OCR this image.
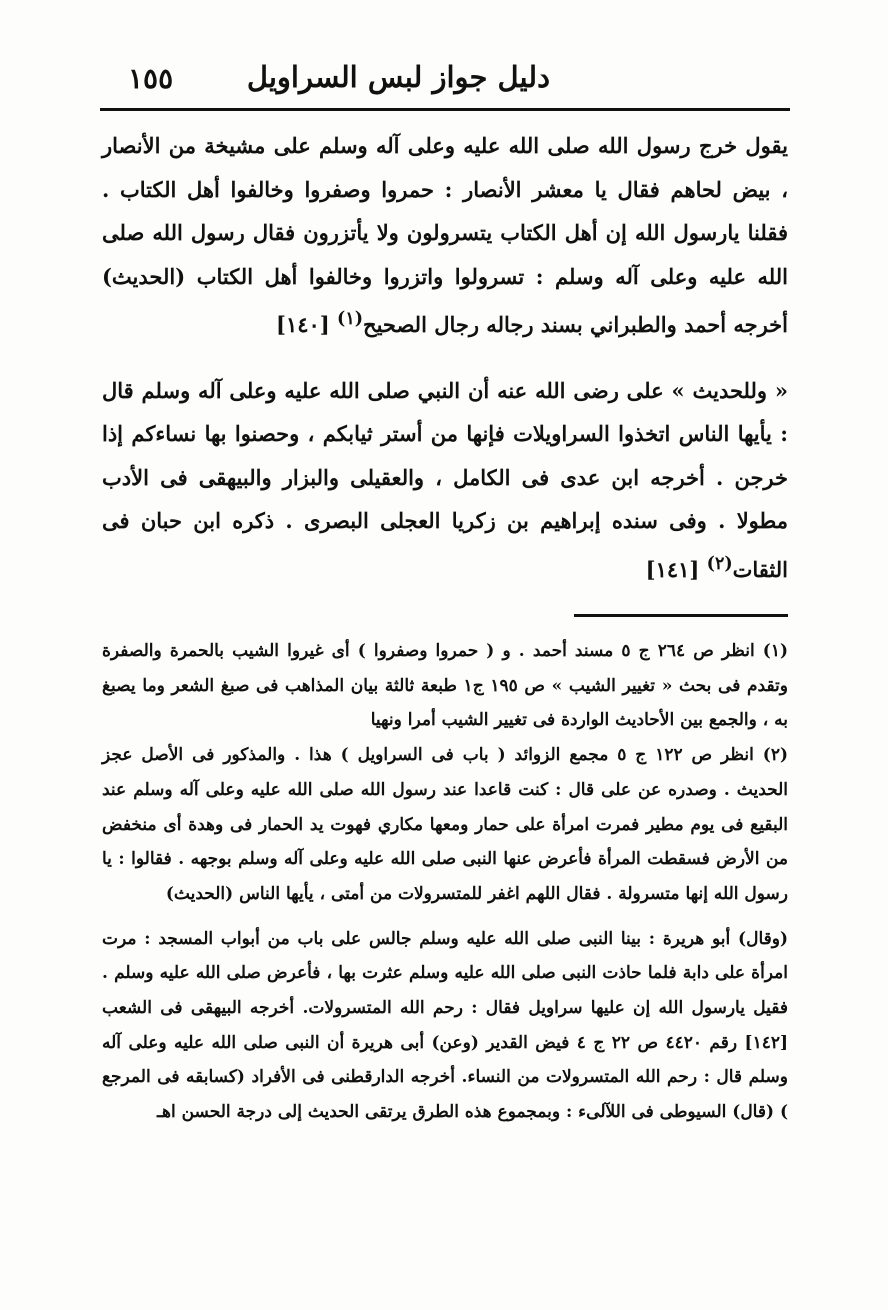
دليل جواز لبس السراويل
١٥٥

يقول خرج رسول الله صلى الله عليه وعلى آله وسلم على مشيخة من الأنصار ، بيض لحاهم فقال يا معشر الأنصار : حمروا وصفروا وخالفوا أهل الكتاب . فقلنا يارسول الله إن أهل الكتاب يتسرولون ولا يأتزرون فقال رسول الله صلى الله عليه وعلى آله وسلم : تسرولوا واتزروا وخالفوا أهل الكتاب (الحديث) أخرجه أحمد والطبراني بسند رجاله رجال الصحيح$^{(١)}$ [١٤٠]

« وللحديث » على رضى الله عنه أن النبي صلى الله عليه وعلى آله وسلم قال : يأيها الناس اتخذوا السراويلات فإنها من أستر ثيابكم ، وحصنوا بها نساءكم إذا خرجن . أخرجه ابن عدى فى الكامل ، والعقيلى والبزار والبيهقى فى الأدب مطولا . وفى سنده إبراهيم بن زكريا العجلى البصرى . ذكره ابن حبان فى الثقات$^{(٢)}$ [١٤١]

(١) انظر ص ٢٦٤ ج ٥ مسند أحمد . و ( حمروا وصفروا ) أى غيروا الشيب بالحمرة والصفرة وتقدم فى بحث « تغيير الشيب » ص ١٩٥ ج١ طبعة ثالثة بيان المذاهب فى صبغ الشعر وما يصبغ به ، والجمع بين الأحاديث الواردة فى تغيير الشيب أمرا ونهيا

(٢) انظر ص ١٢٢ ج ٥ مجمع الزوائد ( باب فى السراويل ) هذا . والمذكور فى الأصل عجز الحديث . وصدره عن على قال : كنت قاعدا عند رسول الله صلى الله عليه وعلى آله وسلم عند البقيع فى يوم مطير فمرت امرأة على حمار ومعها مكاري فهوت يد الحمار فى وهدة أى منخفض من الأرض فسقطت المرأة فأعرض عنها النبى صلى الله عليه وعلى آله وسلم بوجهه . فقالوا : يا رسول الله إنها متسرولة . فقال اللهم اغفر للمتسرولات من أمتى ، يأيها الناس (الحديث)

(وقال) أبو هريرة : بينا النبى صلى الله عليه وسلم جالس على باب من أبواب المسجد : مرت امرأة على دابة فلما حاذت النبى صلى الله عليه وسلم عثرت بها ، فأعرض صلى الله عليه وسلم . فقيل يارسول الله إن عليها سراويل فقال : رحم الله المتسرولات. أخرجه البيهقى فى الشعب [١٤٢] رقم ٤٤٢٠ ص ٢٢ ج ٤ فيض القدير (وعن) أبى هريرة أن النبى صلى الله عليه وعلى آله وسلم قال : رحم الله المتسرولات من النساء. أخرجه الدارقطنى فى الأفراد (كسابقه فى المرجع ) (قال) السيوطى فى اللآلىء : وبمجموع هذه الطرق يرتقى الحديث إلى درجة الحسن اهـ
